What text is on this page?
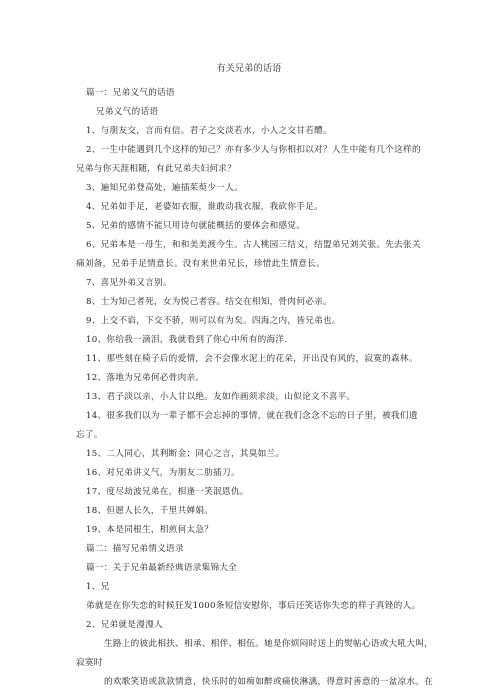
有关兄弟的话语

篇一：兄弟义气的话语

兄弟义气的话语

1、与朋友交，言而有信。君子之交淡若水，小人之交甘若醴。

2、一生中能遇到几个这样的知己？亦有多少人与你相扣以对？人生中能有几个这样的

兄弟与你天涯相随，有此兄弟夫妇何求？

3、遍知兄弟登高处，遍插茱萸少一人。

4、兄弟如手足，老婆如衣服，谁敢动我衣服，我砍你手足。

5、兄弟的感情不能只用诗句就能概括的要体会和感觉。

6、兄弟本是一母生，和和美美渡今生。古人桃园三结义，结盟弟兄刘关张。先去张关

痛刘备，兄弟手足情意长。没有来世弟兄长，珍惜此生情意长。

7、喜见外弟又言别。

8、士为知己者死，女为悦己者容。结交在相知，骨肉何必亲。

9、上交不谄，下交不骄，则可以有为矣。四海之内，皆兄弟也。

10、你给我一滴泪，我就看到了你心中所有的海洋.

11、那些刻在椅子后的爱情，会不会像水泥上的花朵，开出没有风的，寂寞的森林。

12、落地为兄弟何必骨肉亲。

13、君子淡以亲，小人甘以绝。友如作画须求淡，山似论文不喜平。

14、很多我们以为一辈子都不会忘掉的事情，就在我们念念不忘的日子里，被我们遗

忘了。

15、二人同心，其利断金；同心之言，其臭如兰。

16、对兄弟讲义气，为朋友二肋插刀。

17、度尽劫波兄弟在，相逢一笑泯恩仇。

18、但愿人长久，千里共婵娟。

19、本是同根生，相煎何太急？

篇二：描写兄弟情义语录

篇一：关于兄弟最新经典语录集锦大全

1、兄

弟就是在你失恋的时候狂发1000条短信安慰你，事后还笑话你失恋的样子真锉的人。

2、兄弟就是漫漫人

生路上的彼此相扶、相承、相伴、相伍。她是你烦闷时送上的熨帖心语或大吼大叫，

寂寞时

的欢歌笑语或款款情意，快乐时的如痴如醉或痛快淋漓，得意时善意的一盆凉水。在
